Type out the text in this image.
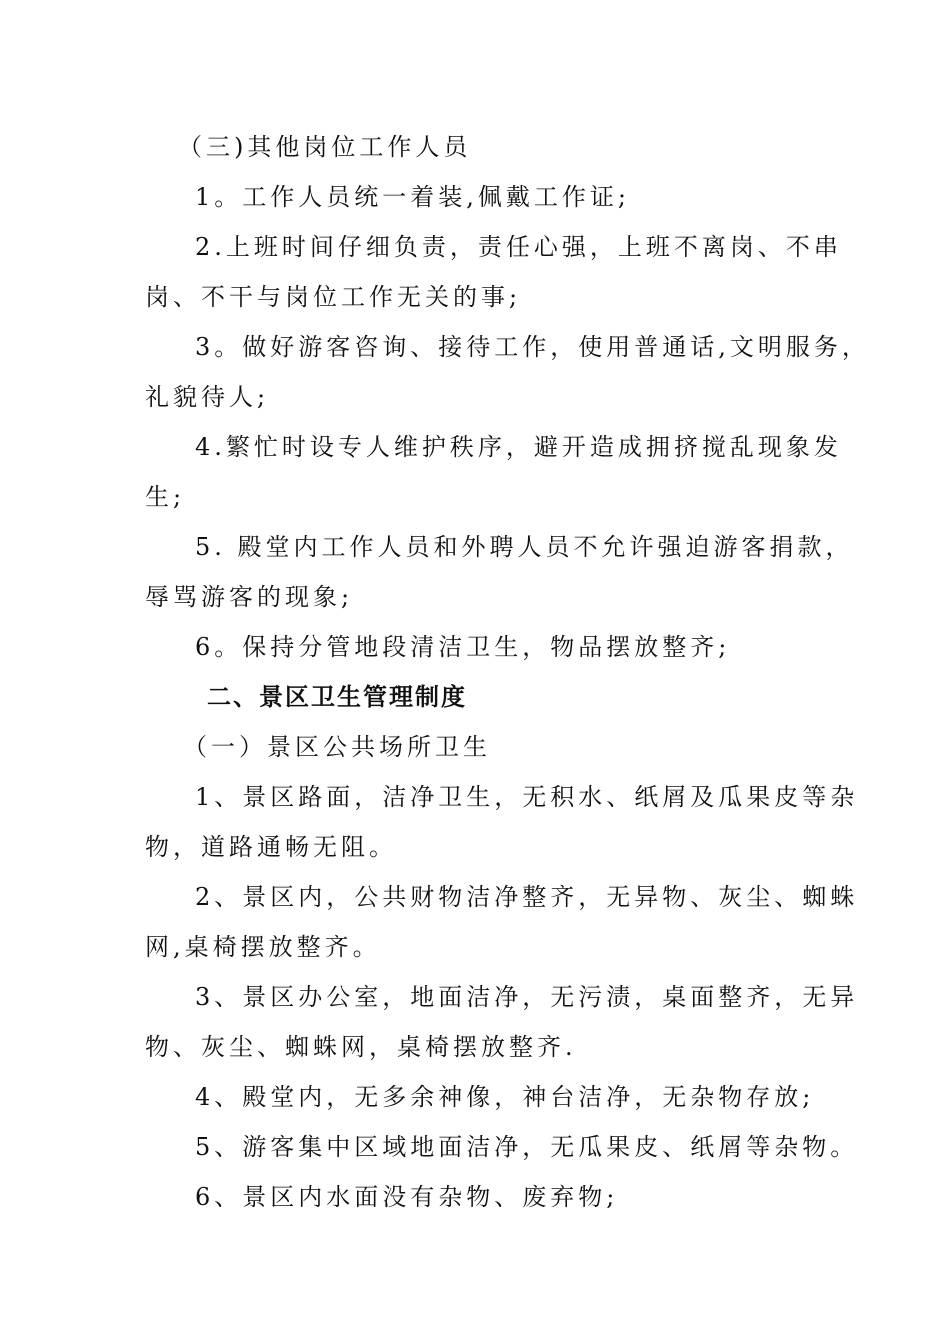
（三)其他岗位工作人员

1。工作人员统一着装,佩戴工作证;

2.上班时间仔细负责，责任心强，上班不离岗、不串

岗、不干与岗位工作无关的事;

3。做好游客咨询、接待工作，使用普通话,文明服务，

礼貌待人;

4.繁忙时设专人维护秩序，避开造成拥挤搅乱现象发

生;

5. 殿堂内工作人员和外聘人员不允许强迫游客捐款，

辱骂游客的现象;

6。保持分管地段清洁卫生，物品摆放整齐;

二、景区卫生管理制度

（一）景区公共场所卫生

1、景区路面，洁净卫生，无积水、纸屑及瓜果皮等杂

物，道路通畅无阻。

2、景区内，公共财物洁净整齐，无异物、灰尘、蜘蛛

网,桌椅摆放整齐。

3、景区办公室，地面洁净，无污渍，桌面整齐，无异

物、灰尘、蜘蛛网，桌椅摆放整齐.

4、殿堂内，无多余神像，神台洁净，无杂物存放;

5、游客集中区域地面洁净，无瓜果皮、纸屑等杂物。

6、景区内水面没有杂物、废弃物;
